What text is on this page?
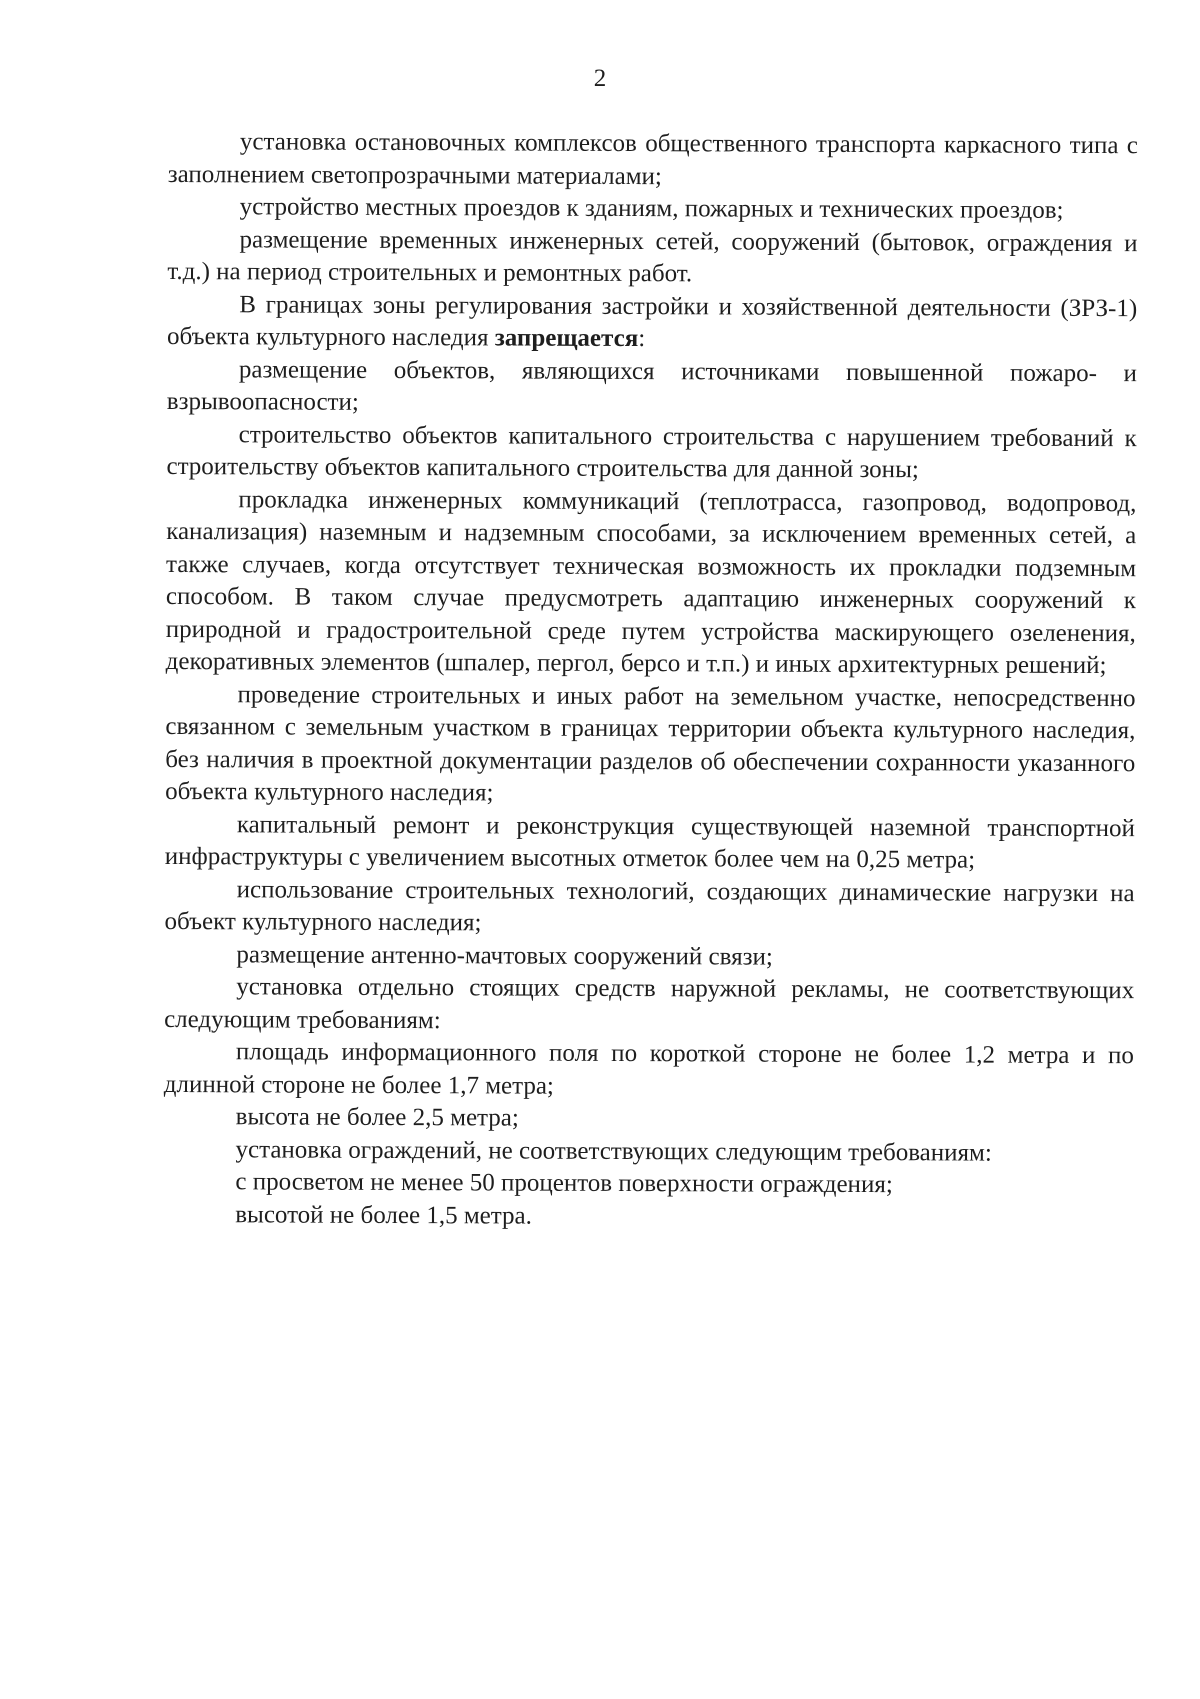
2

установка остановочных комплексов общественного транспорта каркасного типа с заполнением светопрозрачными материалами;

устройство местных проездов к зданиям, пожарных и технических проездов;

размещение временных инженерных сетей, сооружений (бытовок, ограждения и т.д.) на период строительных и ремонтных работ.

В границах зоны регулирования застройки и хозяйственной деятельности (ЗРЗ-1) объекта культурного наследия запрещается:

размещение объектов, являющихся источниками повышенной пожаро- и взрывоопасности;

строительство объектов капитального строительства с нарушением требований к строительству объектов капитального строительства для данной зоны;

прокладка инженерных коммуникаций (теплотрасса, газопровод, водопровод, канализация) наземным и надземным способами, за исключением временных сетей, а также случаев, когда отсутствует техническая возможность их прокладки подземным способом. В таком случае предусмотреть адаптацию инженерных сооружений к природной и градостроительной среде путем устройства маскирующего озеленения, декоративных элементов (шпалер, пергол, берсо и т.п.) и иных архитектурных решений;

проведение строительных и иных работ на земельном участке, непосредственно связанном с земельным участком в границах территории объекта культурного наследия, без наличия в проектной документации разделов об обеспечении сохранности указанного объекта культурного наследия;

капитальный ремонт и реконструкция существующей наземной транспортной инфраструктуры с увеличением высотных отметок более чем на 0,25 метра;

использование строительных технологий, создающих динамические нагрузки на объект культурного наследия;

размещение антенно-мачтовых сооружений связи;

установка отдельно стоящих средств наружной рекламы, не соответствующих следующим требованиям:

площадь информационного поля по короткой стороне не более 1,2 метра и по длинной стороне не более 1,7 метра;

высота не более 2,5 метра;

установка ограждений, не соответствующих следующим требованиям:

с просветом не менее 50 процентов поверхности ограждения;

высотой не более 1,5 метра.
